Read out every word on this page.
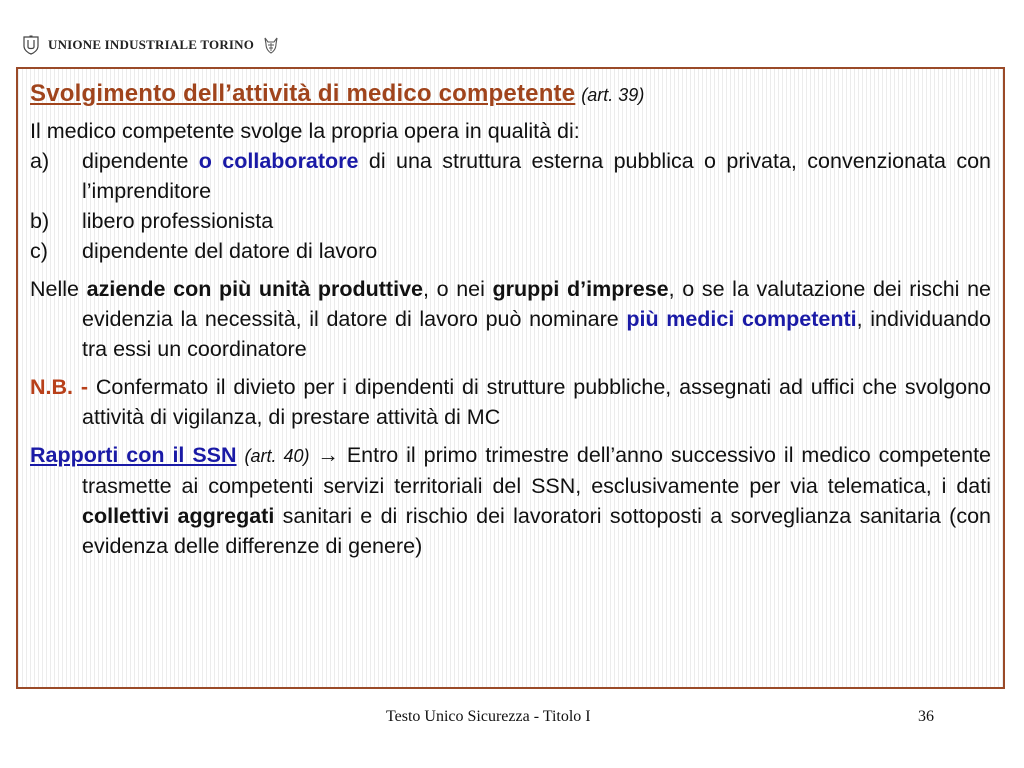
UNIONE INDUSTRIALE TORINO

Svolgimento dell’attività di medico competente (art. 39)

Il medico competente svolge la propria opera in qualità di:

a)	dipendente o collaboratore di una struttura esterna pubblica o privata, convenzionata con l’imprenditore
b)	libero professionista
c)	dipendente del datore di lavoro

Nelle aziende con più unità produttive, o nei gruppi d’imprese, o se la valutazione dei rischi ne evidenzia la necessità, il datore di lavoro può nominare più medici competenti, individuando tra essi un coordinatore

N.B. - Confermato il divieto per i dipendenti di strutture pubbliche, assegnati ad uffici che svolgono attività di vigilanza, di prestare attività di MC

Rapporti con il SSN (art. 40) → Entro il primo trimestre dell’anno successivo il medico competente trasmette ai competenti servizi territoriali del SSN, esclusivamente per via telematica, i dati collettivi aggregati sanitari e di rischio dei lavoratori sottoposti a sorveglianza sanitaria (con evidenza delle differenze di genere)

Testo Unico Sicurezza - Titolo I	36
